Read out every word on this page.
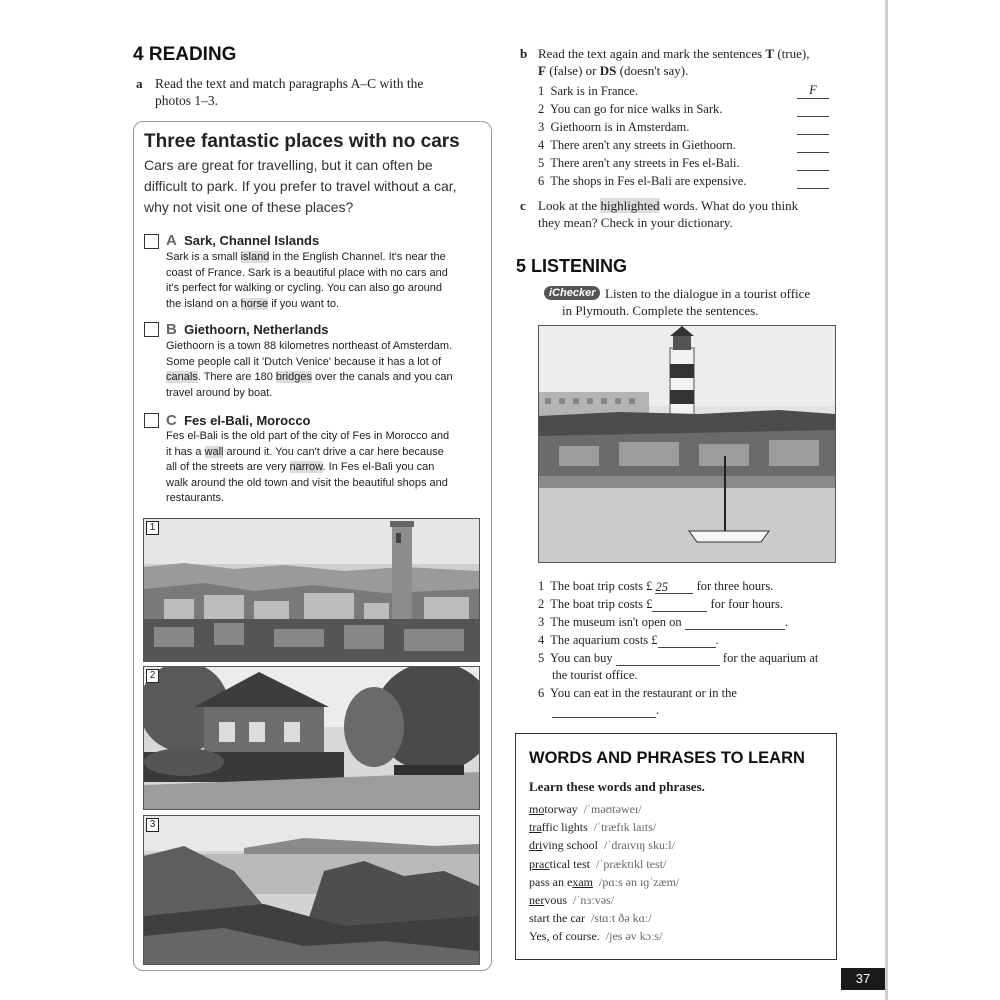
4 READING
a Read the text and match paragraphs A–C with the
photos 1–3.
Three fantastic places with no cars
Cars are great for travelling, but it can often be
difficult to park. If you prefer to travel without a car,
why not visit one of these places?
A Sark, Channel Islands
Sark is a small island in the English Channel. It's near the
coast of France. Sark is a beautiful place with no cars and
it's perfect for walking or cycling. You can also go around
the island on a horse if you want to.
B Giethoorn, Netherlands
Giethoorn is a town 88 kilometres northeast of Amsterdam.
Some people call it 'Dutch Venice' because it has a lot of
canals. There are 180 bridges over the canals and you can
travel around by boat.
C Fes el-Bali, Morocco
Fes el-Bali is the old part of the city of Fes in Morocco and
it has a wall around it. You can't drive a car here because
all of the streets are very narrow. In Fes el-Bali you can
walk around the old town and visit the beautiful shops and
restaurants.
1
2
3
b Read the text again and mark the sentences T (true),
F (false) or DS (doesn't say).
1 Sark is in France.	F
2 You can go for nice walks in Sark.
3 Giethoorn is in Amsterdam.
4 There aren't any streets in Giethoorn.
5 There aren't any streets in Fes el-Bali.
6 The shops in Fes el-Bali are expensive.
c Look at the highlighted words. What do you think
they mean? Check in your dictionary.
5 LISTENING
iChecker Listen to the dialogue in a tourist office
in Plymouth. Complete the sentences.
1 The boat trip costs £ 25 for three hours.
2 The boat trip costs £	for four hours.
3 The museum isn't open on	.
4 The aquarium costs £	.
5 You can buy	for the aquarium at
the tourist office.
6 You can eat in the restaurant or in the
.
WORDS AND PHRASES TO LEARN
Learn these words and phrases.
motorway /ˈməʊtəweɪ/
traffic lights /ˈtræfɪk laɪts/
driving school /ˈdraɪvɪŋ skuːl/
practical test /ˈpræktɪkl test/
pass an exam /pɑːs ən ɪɡˈzæm/
nervous /ˈnɜːvəs/
start the car /stɑːt ðə kɑː/
Yes, of course. /jes əv kɔːs/
37
